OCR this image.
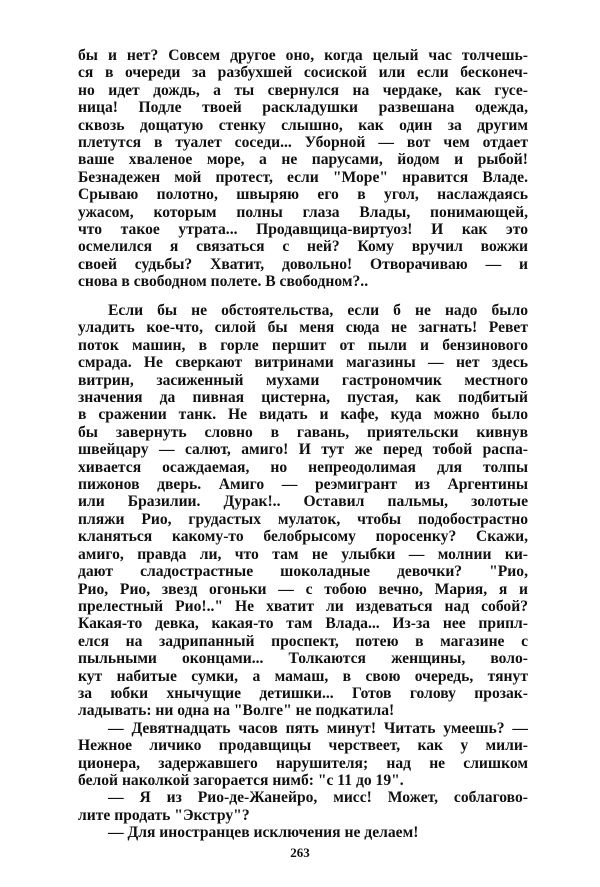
бы и нет? Совсем другое оно, когда целый час толчешь-
ся в очереди за разбухшей сосиской или если бесконеч-
но идет дождь, а ты свернулся на чердаке, как гусе-
ница! Подле твоей раскладушки развешана одежда,
сквозь дощатую стенку слышно, как один за другим
плетутся в туалет соседи... Уборной — вот чем отдает
ваше хваленое море, а не парусами, йодом и рыбой!
Безнадежен мой протест, если "Море" нравится Владе.
Срываю полотно, швыряю его в угол, наслаждаясь
ужасом, которым полны глаза Влады, понимающей,
что такое утрата... Продавщица-виртуоз! И как это
осмелился я связаться с ней? Кому вручил вожжи
своей судьбы? Хватит, довольно! Отворачиваю — и
снова в свободном полете. В свободном?..
Если бы не обстоятельства, если б не надо было
уладить кое-что, силой бы меня сюда не загнать! Ревет
поток машин, в горле першит от пыли и бензинового
смрада. Не сверкают витринами магазины — нет здесь
витрин, засиженный мухами гастрономчик местного
значения да пивная цистерна, пустая, как подбитый
в сражении танк. Не видать и кафе, куда можно было
бы завернуть словно в гавань, приятельски кивнув
швейцару — салют, амиго! И тут же перед тобой распа-
хивается осаждаемая, но непреодолимая для толпы
пижонов дверь. Амиго — реэмигрант из Аргентины
или Бразилии. Дурак!.. Оставил пальмы, золотые
пляжи Рио, грудастых мулаток, чтобы подобострастно
кланяться какому-то белобрысому поросенку? Скажи,
амиго, правда ли, что там не улыбки — молнии ки-
дают сладострастные шоколадные девочки? "Рио,
Рио, Рио, звезд огоньки — с тобою вечно, Мария, я и
прелестный Рио!.." Не хватит ли издеваться над собой?
Какая-то девка, какая-то там Влада... Из-за нее припл-
елся на задрипанный проспект, потею в магазине с
пыльными оконцами... Толкаются женщины, воло-
кут набитые сумки, а мамаш, в свою очередь, тянут
за юбки хнычущие детишки... Готов голову прозак-
ладывать: ни одна на "Волге" не подкатила!
— Девятнадцать часов пять минут! Читать умеешь? —
Нежное личико продавщицы черствеет, как у мили-
ционера, задержавшего нарушителя; над не слишком
белой наколкой загорается нимб: "с 11 до 19".
— Я из Рио-де-Жанейро, мисс! Может, соблагово-
лите продать "Экстру"?
— Для иностранцев исключения не делаем!
263
